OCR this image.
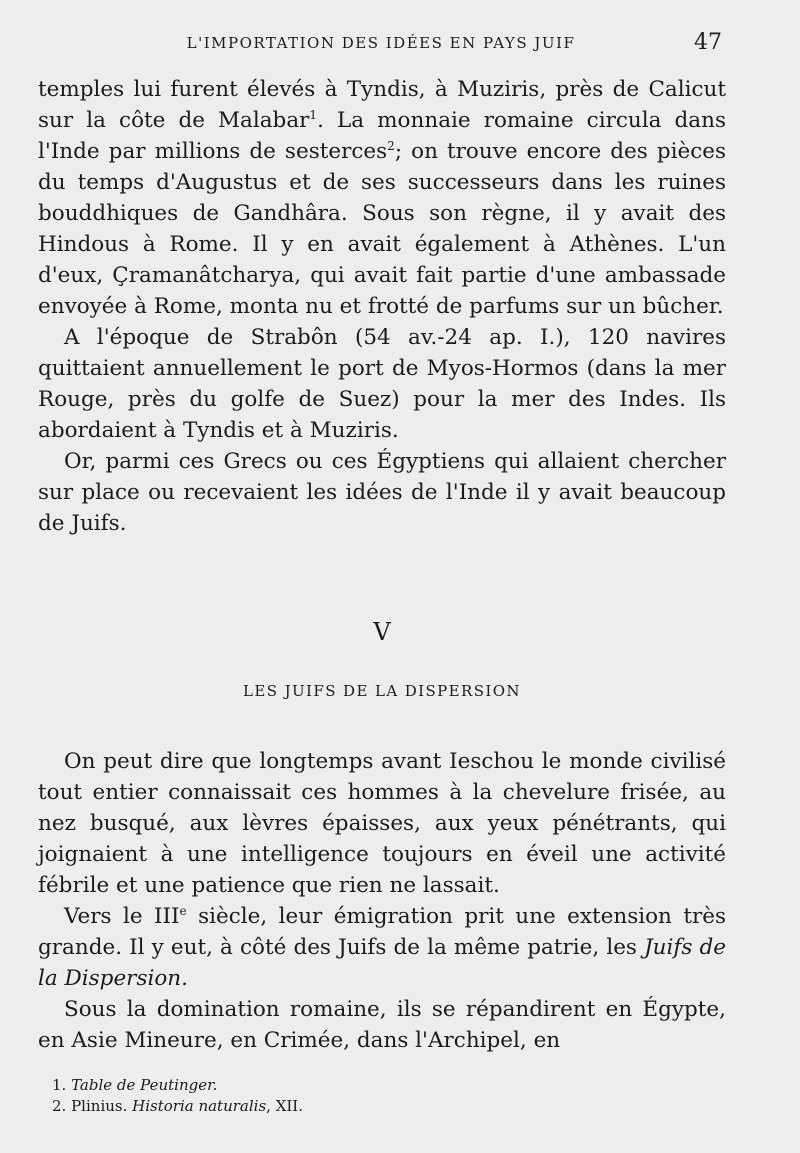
L'IMPORTATION DES IDÉES EN PAYS JUIF	47

temples lui furent élevés à Tyndis, à Muziris, près de Calicut sur la côte de Malabar$^1$. La monnaie romaine circula dans l'Inde par millions de sesterces$^2$; on trouve encore des pièces du temps d'Augustus et de ses successeurs dans les ruines bouddhiques de Gandhâra. Sous son règne, il y avait des Hindous à Rome. Il y en avait également à Athènes. L'un d'eux, Çramanâtcharya, qui avait fait partie d'une ambassade envoyée à Rome, monta nu et frotté de parfums sur un bûcher.

A l'époque de Strabôn (54 av.-24 ap. I.), 120 navires quittaient annuellement le port de Myos-Hormos (dans la mer Rouge, près du golfe de Suez) pour la mer des Indes. Ils abordaient à Tyndis et à Muziris.

Or, parmi ces Grecs ou ces Égyptiens qui allaient chercher sur place ou recevaient les idées de l'Inde il y avait beaucoup de Juifs.

V
LES JUIFS DE LA DISPERSION

On peut dire que longtemps avant Ieschou le monde civilisé tout entier connaissait ces hommes à la chevelure frisée, au nez busqué, aux lèvres épaisses, aux yeux pénétrants, qui joignaient à une intelligence toujours en éveil une activité fébrile et une patience que rien ne lassait.

Vers le IIIe siècle, leur émigration prit une extension très grande. Il y eut, à côté des Juifs de la même patrie, les Juifs de la Dispersion.

Sous la domination romaine, ils se répandirent en Égypte, en Asie Mineure, en Crimée, dans l'Archipel, en

1. Table de Peutinger.
2. Plinius. Historia naturalis, XII.
